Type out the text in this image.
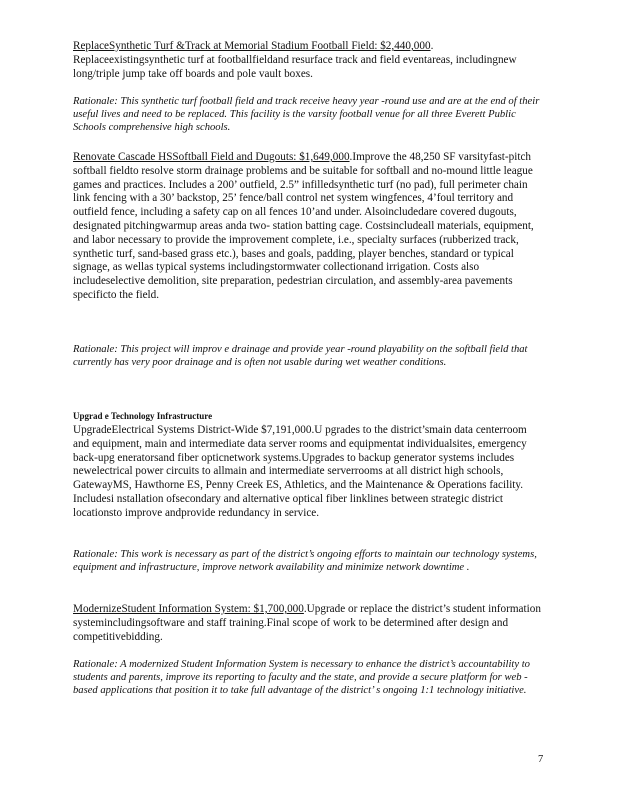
ReplaceSynthetic Turf &Track at Memorial Stadium Football Field: $2,440,000. Replaceexistingsynthetic turf at footballfieldand resurface track and field eventareas, includingnew long/triple jump take off boards and pole vault boxes.

Rationale: This synthetic turf football field and track receive heavy year -round use and are at the end of their useful lives and need to be replaced. This facility is the varsity football venue for all three Everett Public Schools comprehensive high schools.

Renovate Cascade HSSoftball Field and Dugouts: $1,649,000.Improve the 48,250 SF varsityfast-pitch softball fieldto resolve storm drainage problems and be suitable for softball and no-mound little league games and practices. Includes a 200’ outfield, 2.5” infilledsynthetic turf (no pad), full perimeter chain link fencing with a 30’ backstop, 25’ fence/ball control net system wingfences, 4’foul territory and outfield fence, including a safety cap on all fences 10’and under. Alsoincludedare covered dugouts, designated pitchingwarmup areas anda two- station batting cage. Costsincludeall materials, equipment, and labor necessary to provide the improvement complete, i.e., specialty surfaces (rubberized track, synthetic turf, sand-based grass etc.), bases and goals, padding, player benches, standard or typical signage, as wellas typical systems includingstormwater collectionand irrigation. Costs also includeselective demolition, site preparation, pedestrian circulation, and assembly-area pavements specificto the field.

Rationale: This project will improv e drainage and provide year -round playability on the softball field that currently has very poor drainage and is often not usable during wet weather conditions.

Upgrad e Technology Infrastructure

UpgradeElectrical Systems District-Wide $7,191,000.U pgrades to the district’smain data centerroom and equipment, main and intermediate data server rooms and equipmentat individualsites, emergency back-upg eneratorsand fiber opticnetwork systems.Upgrades to backup generator systems includes newelectrical power circuits to allmain and intermediate serverrooms at all district high schools, GatewayMS, Hawthorne ES, Penny Creek ES, Athletics, and the Maintenance & Operations facility. Includesi nstallation ofsecondary and alternative optical fiber linklines between strategic district locationsto improve andprovide redundancy in service.

Rationale: This work is necessary as part of the district’s ongoing efforts to maintain our technology systems, equipment and infrastructure, improve network availability and minimize network downtime .

ModernizeStudent Information System: $1,700,000.Upgrade or replace the district’s student information systemincludingsoftware and staff training.Final scope of work to be determined after design and competitivebidding.

Rationale: A modernized Student Information System is necessary to enhance the district’s accountability to students and parents, improve its reporting to faculty and the state, and provide a secure platform for web -based applications that position it to take full advantage of the district’ s ongoing 1:1 technology initiative.

7
